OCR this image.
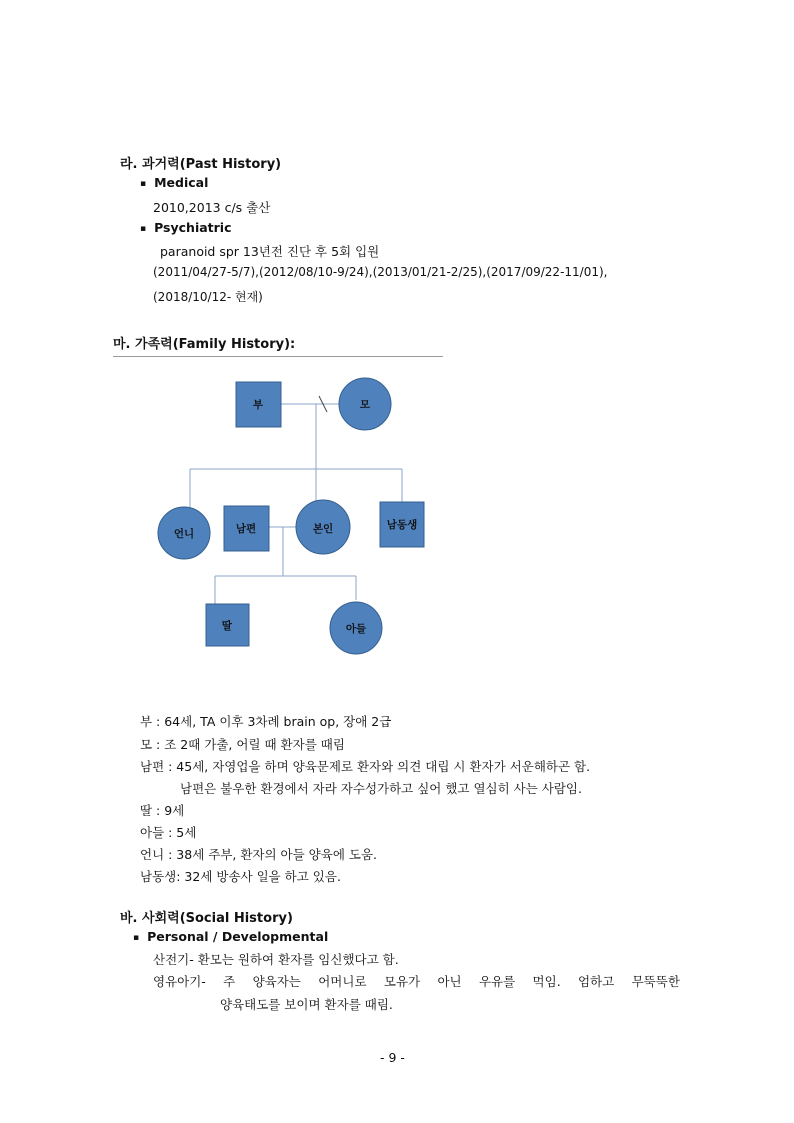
라. 과거력(Past History)
▪ Medical
2010,2013 c/s 출산
▪ Psychiatric
paranoid spr 13년전 진단 후 5회 입원
(2011/04/27-5/7),(2012/08/10-9/24),(2013/01/21-2/25),(2017/09/22-11/01),
(2018/10/12- 현재)
마. 가족력(Family History):
부	모
언니	남편	본인	남동생
딸	아들
부 : 64세, TA 이후 3차례 brain op, 장애 2급
모 : 조 2때 가출, 어릴 때 환자를 때림
남편 : 45세, 자영업을 하며 양육문제로 환자와 의견 대립 시 환자가 서운해하곤 함.
남편은 불우한 환경에서 자라 자수성가하고 싶어 했고 열심히 사는 사람임.
딸 : 9세
아들 : 5세
언니 : 38세 주부, 환자의 아들 양육에 도움.
남동생: 32세 방송사 일을 하고 있음.
바. 사회력(Social History)
▪ Personal / Developmental
산전기- 환모는 원하여 환자를 임신했다고 함.
영유아기- 주 양육자는 어머니로 모유가 아닌 우유를 먹임. 엄하고 무뚝뚝한
양육태도를 보이며 환자를 때림.
- 9 -
